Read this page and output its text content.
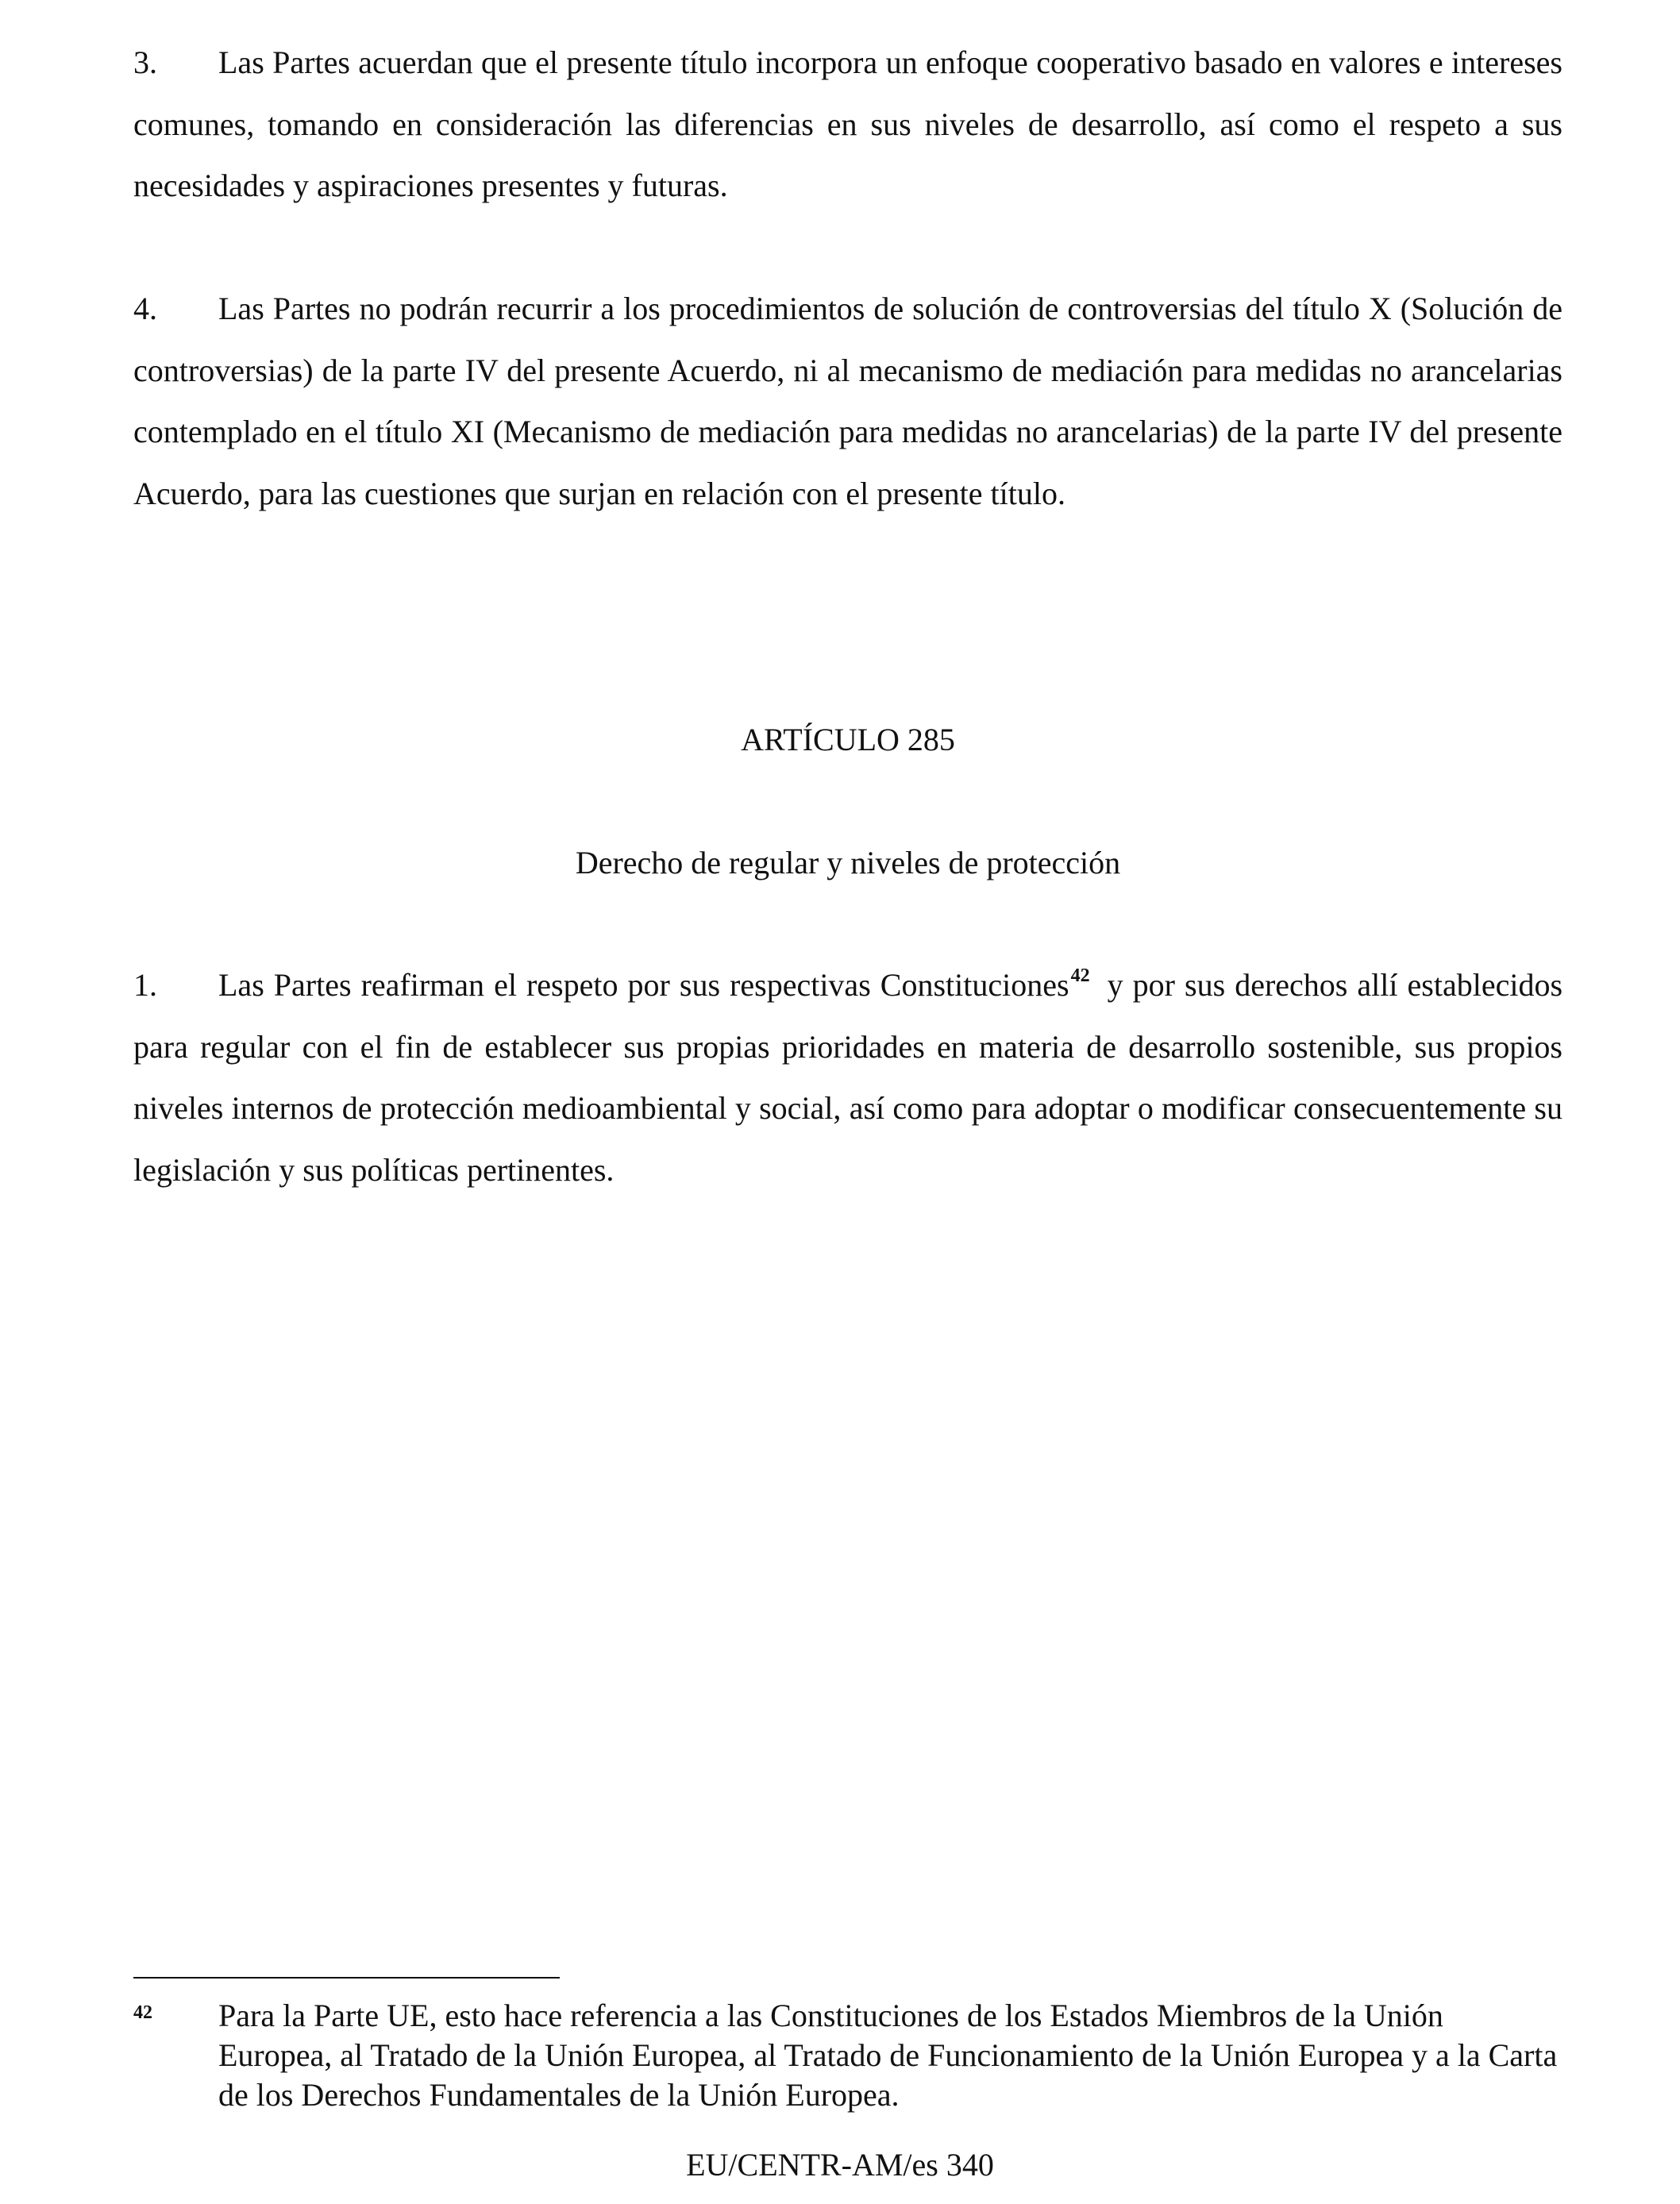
3. Las Partes acuerdan que el presente título incorpora un enfoque cooperativo basado en valores e intereses comunes, tomando en consideración las diferencias en sus niveles de desarrollo, así como el respeto a sus necesidades y aspiraciones presentes y futuras.

4. Las Partes no podrán recurrir a los procedimientos de solución de controversias del título X (Solución de controversias) de la parte IV del presente Acuerdo, ni al mecanismo de mediación para medidas no arancelarias contemplado en el título XI (Mecanismo de mediación para medidas no arancelarias) de la parte IV del presente Acuerdo, para las cuestiones que surjan en relación con el presente título.

ARTÍCULO 285
Derecho de regular y niveles de protección

1. Las Partes reafirman el respeto por sus respectivas Constituciones$^{42}$ y por sus derechos allí establecidos para regular con el fin de establecer sus propias prioridades en materia de desarrollo sostenible, sus propios niveles internos de protección medioambiental y social, así como para adoptar o modificar consecuentemente su legislación y sus políticas pertinentes.

42 Para la Parte UE, esto hace referencia a las Constituciones de los Estados Miembros de la Unión Europea, al Tratado de la Unión Europea, al Tratado de Funcionamiento de la Unión Europea y a la Carta de los Derechos Fundamentales de la Unión Europea.

EU/CENTR-AM/es 340
